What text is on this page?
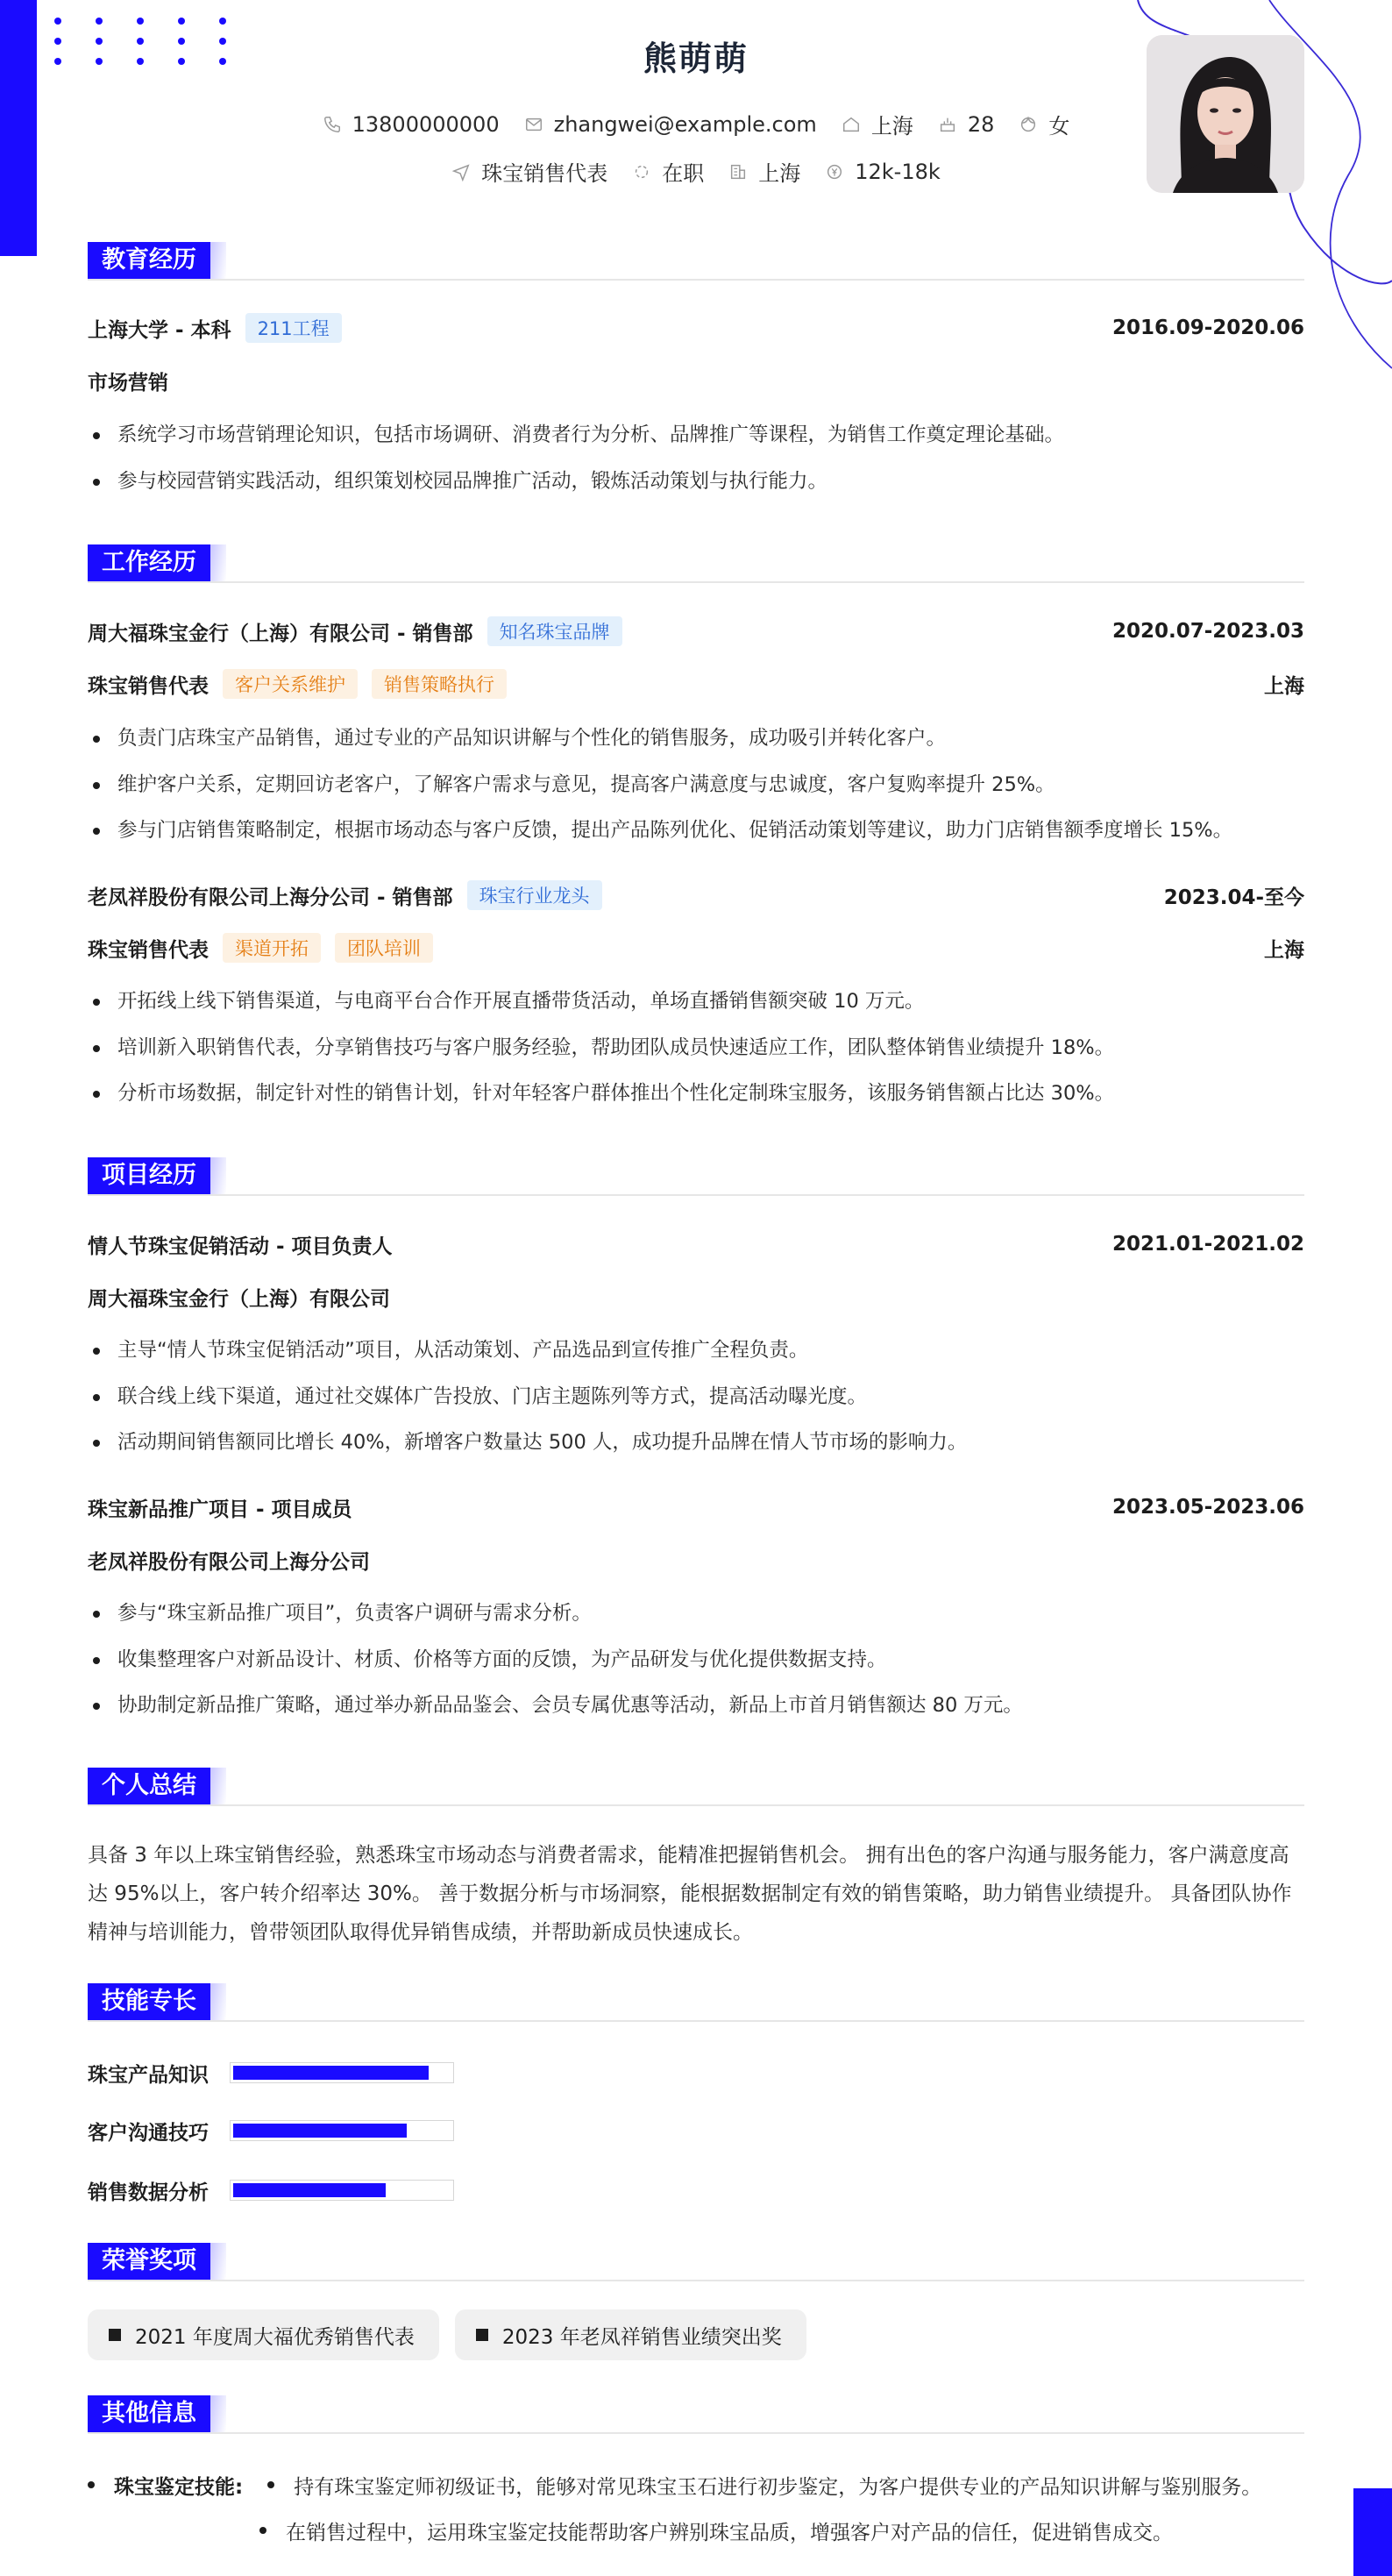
熊萌萌
13800000000	zhangwei@example.com	上海	28	女
珠宝销售代表	在职	上海	12k-18k
教育经历
上海大学 - 本科	211工程	2016.09-2020.06
市场营销
系统学习市场营销理论知识，包括市场调研、消费者行为分析、品牌推广等课程，为销售工作奠定理论基础。
参与校园营销实践活动，组织策划校园品牌推广活动，锻炼活动策划与执行能力。
工作经历
周大福珠宝金行（上海）有限公司 - 销售部	知名珠宝品牌	2020.07-2023.03
珠宝销售代表	客户关系维护	销售策略执行	上海
负责门店珠宝产品销售，通过专业的产品知识讲解与个性化的销售服务，成功吸引并转化客户。
维护客户关系，定期回访老客户，了解客户需求与意见，提高客户满意度与忠诚度，客户复购率提升 25%。
参与门店销售策略制定，根据市场动态与客户反馈，提出产品陈列优化、促销活动策划等建议，助力门店销售额季度增长 15%。
老凤祥股份有限公司上海分公司 - 销售部	珠宝行业龙头	2023.04-至今
珠宝销售代表	渠道开拓	团队培训	上海
开拓线上线下销售渠道，与电商平台合作开展直播带货活动，单场直播销售额突破 10 万元。
培训新入职销售代表，分享销售技巧与客户服务经验，帮助团队成员快速适应工作，团队整体销售业绩提升 18%。
分析市场数据，制定针对性的销售计划，针对年轻客户群体推出个性化定制珠宝服务，该服务销售额占比达 30%。
项目经历
情人节珠宝促销活动 - 项目负责人	2021.01-2021.02
周大福珠宝金行（上海）有限公司
主导“情人节珠宝促销活动”项目，从活动策划、产品选品到宣传推广全程负责。
联合线上线下渠道，通过社交媒体广告投放、门店主题陈列等方式，提高活动曝光度。
活动期间销售额同比增长 40%，新增客户数量达 500 人，成功提升品牌在情人节市场的影响力。
珠宝新品推广项目 - 项目成员	2023.05-2023.06
老凤祥股份有限公司上海分公司
参与“珠宝新品推广项目”，负责客户调研与需求分析。
收集整理客户对新品设计、材质、价格等方面的反馈，为产品研发与优化提供数据支持。
协助制定新品推广策略，通过举办新品品鉴会、会员专属优惠等活动，新品上市首月销售额达 80 万元。
个人总结
具备 3 年以上珠宝销售经验，熟悉珠宝市场动态与消费者需求，能精准把握销售机会。 拥有出色的客户沟通与服务能力，客户满意度高达 95%以上，客户转介绍率达 30%。 善于数据分析与市场洞察，能根据数据制定有效的销售策略，助力销售业绩提升。 具备团队协作精神与培训能力，曾带领团队取得优异销售成绩，并帮助新成员快速成长。
技能专长
珠宝产品知识
客户沟通技巧
销售数据分析
荣誉奖项
2021 年度周大福优秀销售代表	2023 年老凤祥销售业绩突出奖
其他信息
珠宝鉴定技能:	持有珠宝鉴定师初级证书，能够对常见珠宝玉石进行初步鉴定，为客户提供专业的产品知识讲解与鉴别服务。
在销售过程中，运用珠宝鉴定技能帮助客户辨别珠宝品质，增强客户对产品的信任，促进销售成交。
